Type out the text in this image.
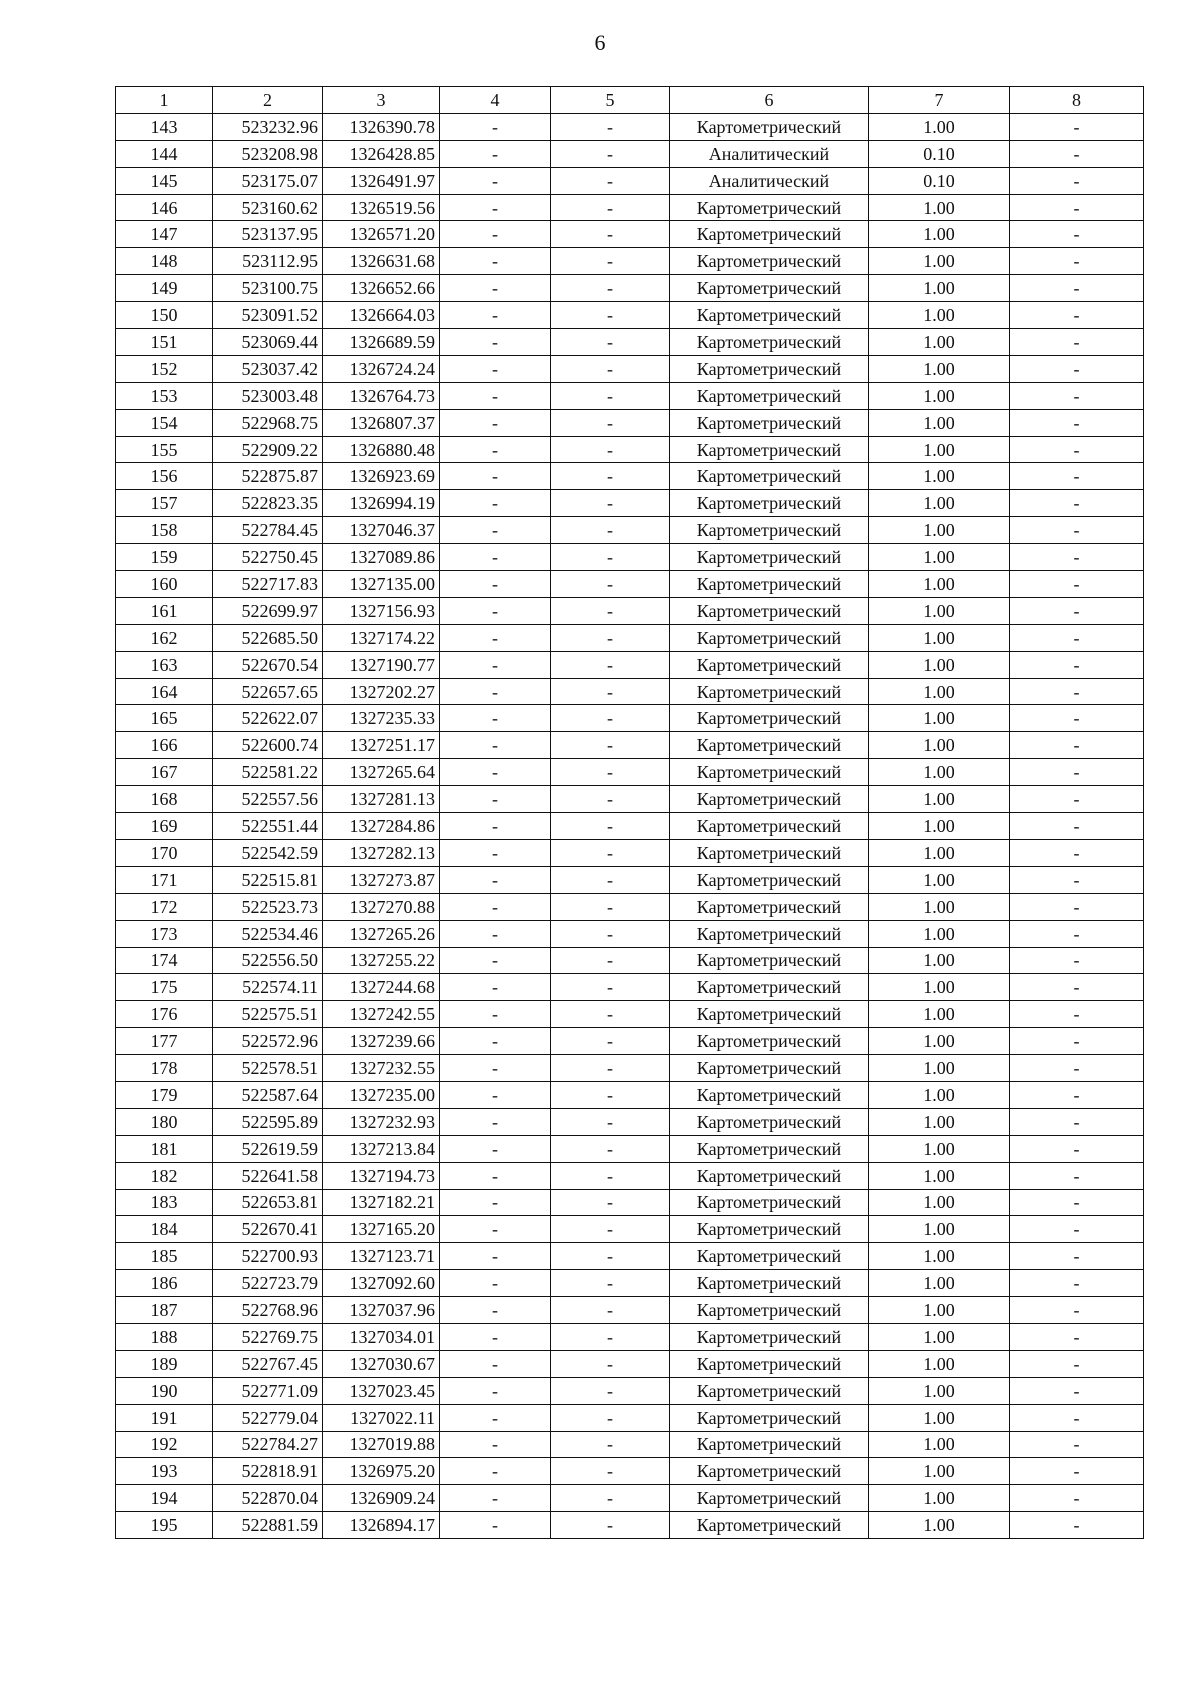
6
1	2	3	4	5	6	7	8
143	523232.96	1326390.78	-	-	Картометрический	1.00	-
144	523208.98	1326428.85	-	-	Аналитический	0.10	-
145	523175.07	1326491.97	-	-	Аналитический	0.10	-
146	523160.62	1326519.56	-	-	Картометрический	1.00	-
147	523137.95	1326571.20	-	-	Картометрический	1.00	-
148	523112.95	1326631.68	-	-	Картометрический	1.00	-
149	523100.75	1326652.66	-	-	Картометрический	1.00	-
150	523091.52	1326664.03	-	-	Картометрический	1.00	-
151	523069.44	1326689.59	-	-	Картометрический	1.00	-
152	523037.42	1326724.24	-	-	Картометрический	1.00	-
153	523003.48	1326764.73	-	-	Картометрический	1.00	-
154	522968.75	1326807.37	-	-	Картометрический	1.00	-
155	522909.22	1326880.48	-	-	Картометрический	1.00	-
156	522875.87	1326923.69	-	-	Картометрический	1.00	-
157	522823.35	1326994.19	-	-	Картометрический	1.00	-
158	522784.45	1327046.37	-	-	Картометрический	1.00	-
159	522750.45	1327089.86	-	-	Картометрический	1.00	-
160	522717.83	1327135.00	-	-	Картометрический	1.00	-
161	522699.97	1327156.93	-	-	Картометрический	1.00	-
162	522685.50	1327174.22	-	-	Картометрический	1.00	-
163	522670.54	1327190.77	-	-	Картометрический	1.00	-
164	522657.65	1327202.27	-	-	Картометрический	1.00	-
165	522622.07	1327235.33	-	-	Картометрический	1.00	-
166	522600.74	1327251.17	-	-	Картометрический	1.00	-
167	522581.22	1327265.64	-	-	Картометрический	1.00	-
168	522557.56	1327281.13	-	-	Картометрический	1.00	-
169	522551.44	1327284.86	-	-	Картометрический	1.00	-
170	522542.59	1327282.13	-	-	Картометрический	1.00	-
171	522515.81	1327273.87	-	-	Картометрический	1.00	-
172	522523.73	1327270.88	-	-	Картометрический	1.00	-
173	522534.46	1327265.26	-	-	Картометрический	1.00	-
174	522556.50	1327255.22	-	-	Картометрический	1.00	-
175	522574.11	1327244.68	-	-	Картометрический	1.00	-
176	522575.51	1327242.55	-	-	Картометрический	1.00	-
177	522572.96	1327239.66	-	-	Картометрический	1.00	-
178	522578.51	1327232.55	-	-	Картометрический	1.00	-
179	522587.64	1327235.00	-	-	Картометрический	1.00	-
180	522595.89	1327232.93	-	-	Картометрический	1.00	-
181	522619.59	1327213.84	-	-	Картометрический	1.00	-
182	522641.58	1327194.73	-	-	Картометрический	1.00	-
183	522653.81	1327182.21	-	-	Картометрический	1.00	-
184	522670.41	1327165.20	-	-	Картометрический	1.00	-
185	522700.93	1327123.71	-	-	Картометрический	1.00	-
186	522723.79	1327092.60	-	-	Картометрический	1.00	-
187	522768.96	1327037.96	-	-	Картометрический	1.00	-
188	522769.75	1327034.01	-	-	Картометрический	1.00	-
189	522767.45	1327030.67	-	-	Картометрический	1.00	-
190	522771.09	1327023.45	-	-	Картометрический	1.00	-
191	522779.04	1327022.11	-	-	Картометрический	1.00	-
192	522784.27	1327019.88	-	-	Картометрический	1.00	-
193	522818.91	1326975.20	-	-	Картометрический	1.00	-
194	522870.04	1326909.24	-	-	Картометрический	1.00	-
195	522881.59	1326894.17	-	-	Картометрический	1.00	-
